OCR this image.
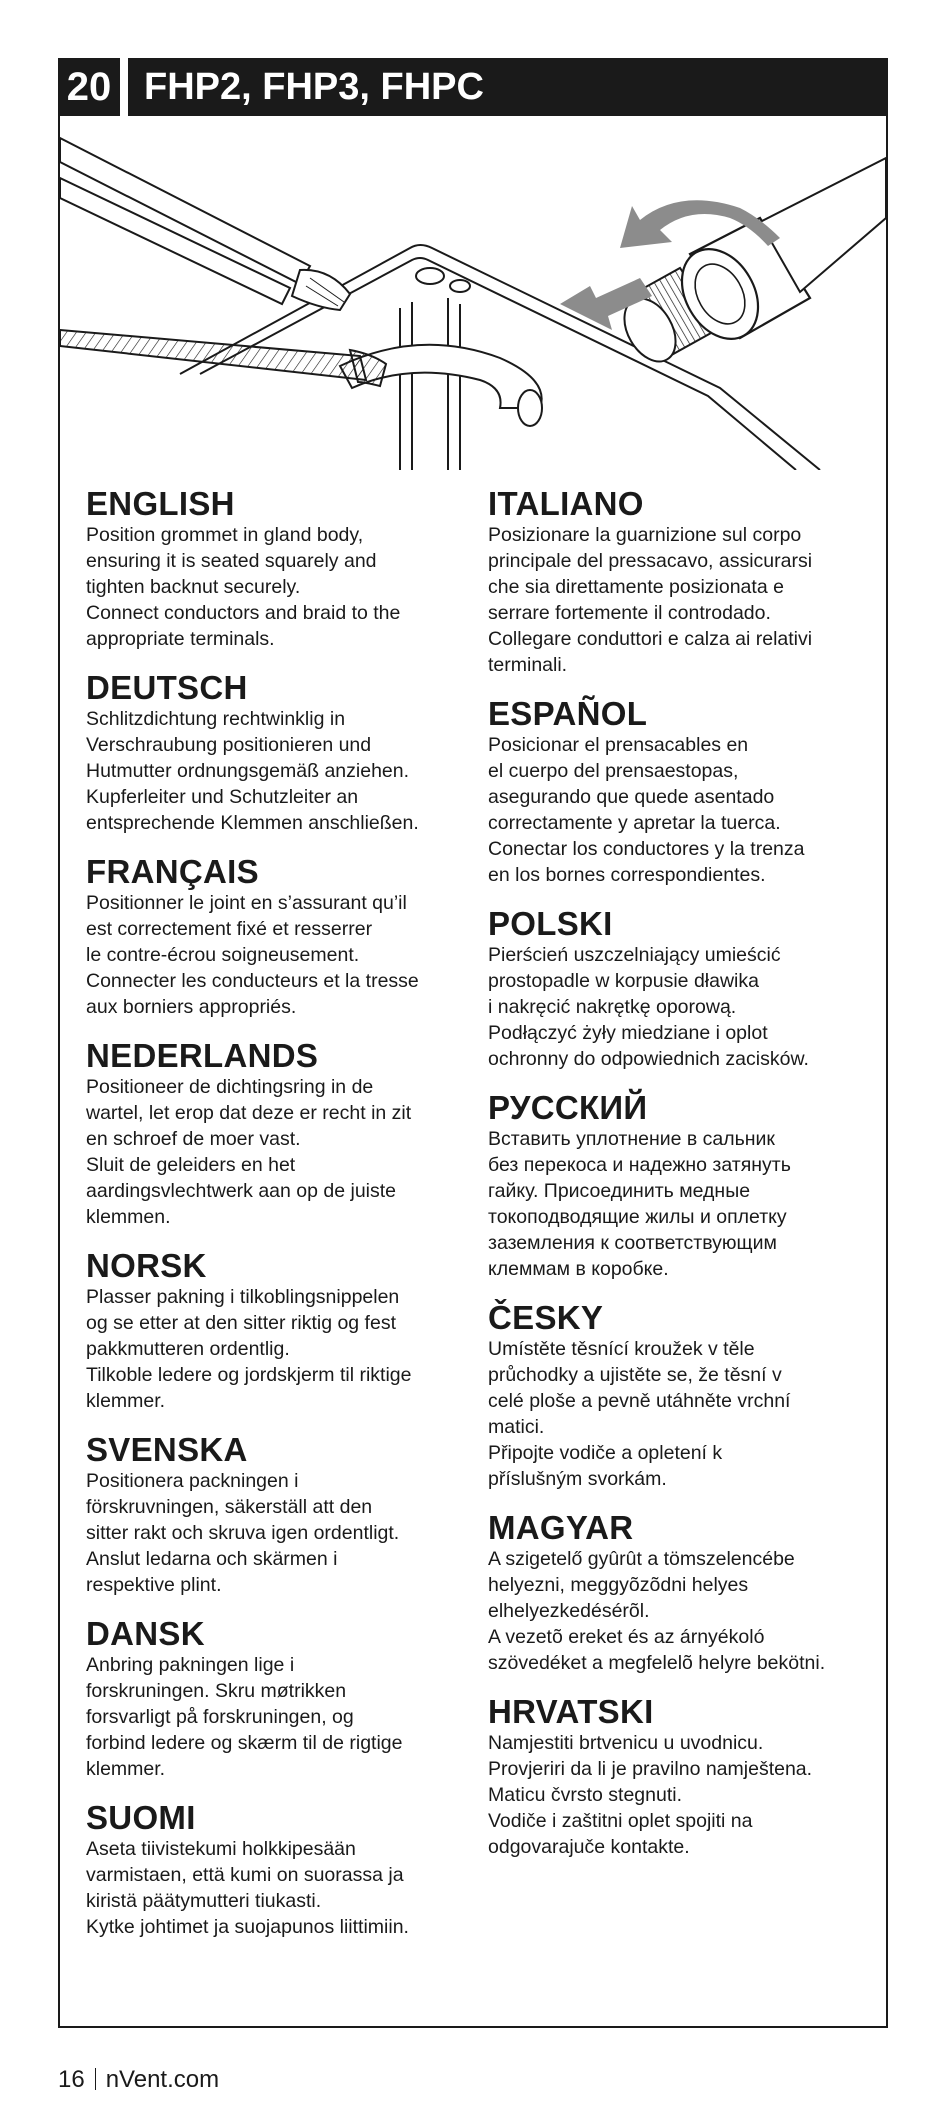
20 FHP2, FHP3, FHPC

ENGLISH

Position grommet in gland body,
ensuring it is seated squarely and
tighten backnut securely.
Connect conductors and braid to the
appropriate terminals.

DEUTSCH

Schlitzdichtung rechtwinklig in
Verschraubung positionieren und
Hutmutter ordnungsgemäß anziehen.
Kupferleiter und Schutzleiter an
entsprechende Klemmen anschließen.

FRANÇAIS

Positionner le joint en s’assurant qu’il
est correctement fixé et resserrer
le contre-écrou soigneusement.
Connecter les conducteurs et la tresse
aux borniers appropriés.

NEDERLANDS

Positioneer de dichtingsring in de
wartel, let erop dat deze er recht in zit
en schroef de moer vast.
Sluit de geleiders en het
aardingsvlechtwerk aan op de juiste
klemmen.

NORSK

Plasser pakning i tilkoblingsnippelen
og se etter at den sitter riktig og fest
pakkmutteren ordentlig.
Tilkoble ledere og jordskjerm til riktige
klemmer.

SVENSKA

Positionera packningen i
förskruvningen, säkerställ att den
sitter rakt och skruva igen ordentligt.
Anslut ledarna och skärmen i
respektive plint.

DANSK

Anbring pakningen lige i
forskruningen. Skru møtrikken
forsvarligt på forskruningen, og
forbind ledere og skærm til de rigtige
klemmer.

SUOMI

Aseta tiivistekumi holkkipesään
varmistaen, että kumi on suorassa ja
kiristä päätymutteri tiukasti.
Kytke johtimet ja suojapunos liittimiin.

ITALIANO

Posizionare la guarnizione sul corpo
principale del pressacavo, assicurarsi
che sia direttamente posizionata e
serrare fortemente il controdado.
Collegare conduttori e calza ai relativi
terminali.

ESPAÑOL

Posicionar el prensacables en
el cuerpo del prensaestopas,
asegurando que quede asentado
correctamente y apretar la tuerca.
Conectar los conductores y la trenza
en los bornes correspondientes.

POLSKI

Pierścień uszczelniający umieścić
prostopadle w korpusie dławika
i nakręcić nakrętkę oporową.
Podłączyć żyły miedziane i oplot
ochronny do odpowiednich zacisków.

РУССКИЙ

Вставить уплотнение в сальник
без перекоса и надежно затянуть
гайку. Присоединить медные
токоподводящие жилы и оплетку
заземления к соответствующим
клеммам в коробке.

ČESKY

Umístěte těsnící kroužek v těle
průchodky a ujistěte se, že těsní v
celé ploše a pevně utáhněte vrchní
matici.
Připojte vodiče a opletení k
příslušným svorkám.

MAGYAR

A szigetelő gyûrût a tömszelencébe
helyezni, meggyõzõdni helyes
elhelyezkedésérõl.
A vezetõ ereket és az árnyékoló
szövedéket a megfelelõ helyre bekötni.

HRVATSKI

Namjestiti brtvenicu u uvodnicu.
Provjeriri da li je pravilno namještena.
Maticu čvrsto stegnuti.
Vodiče i zaštitni oplet spojiti na
odgovarajuče kontakte.

16 nVent.com
